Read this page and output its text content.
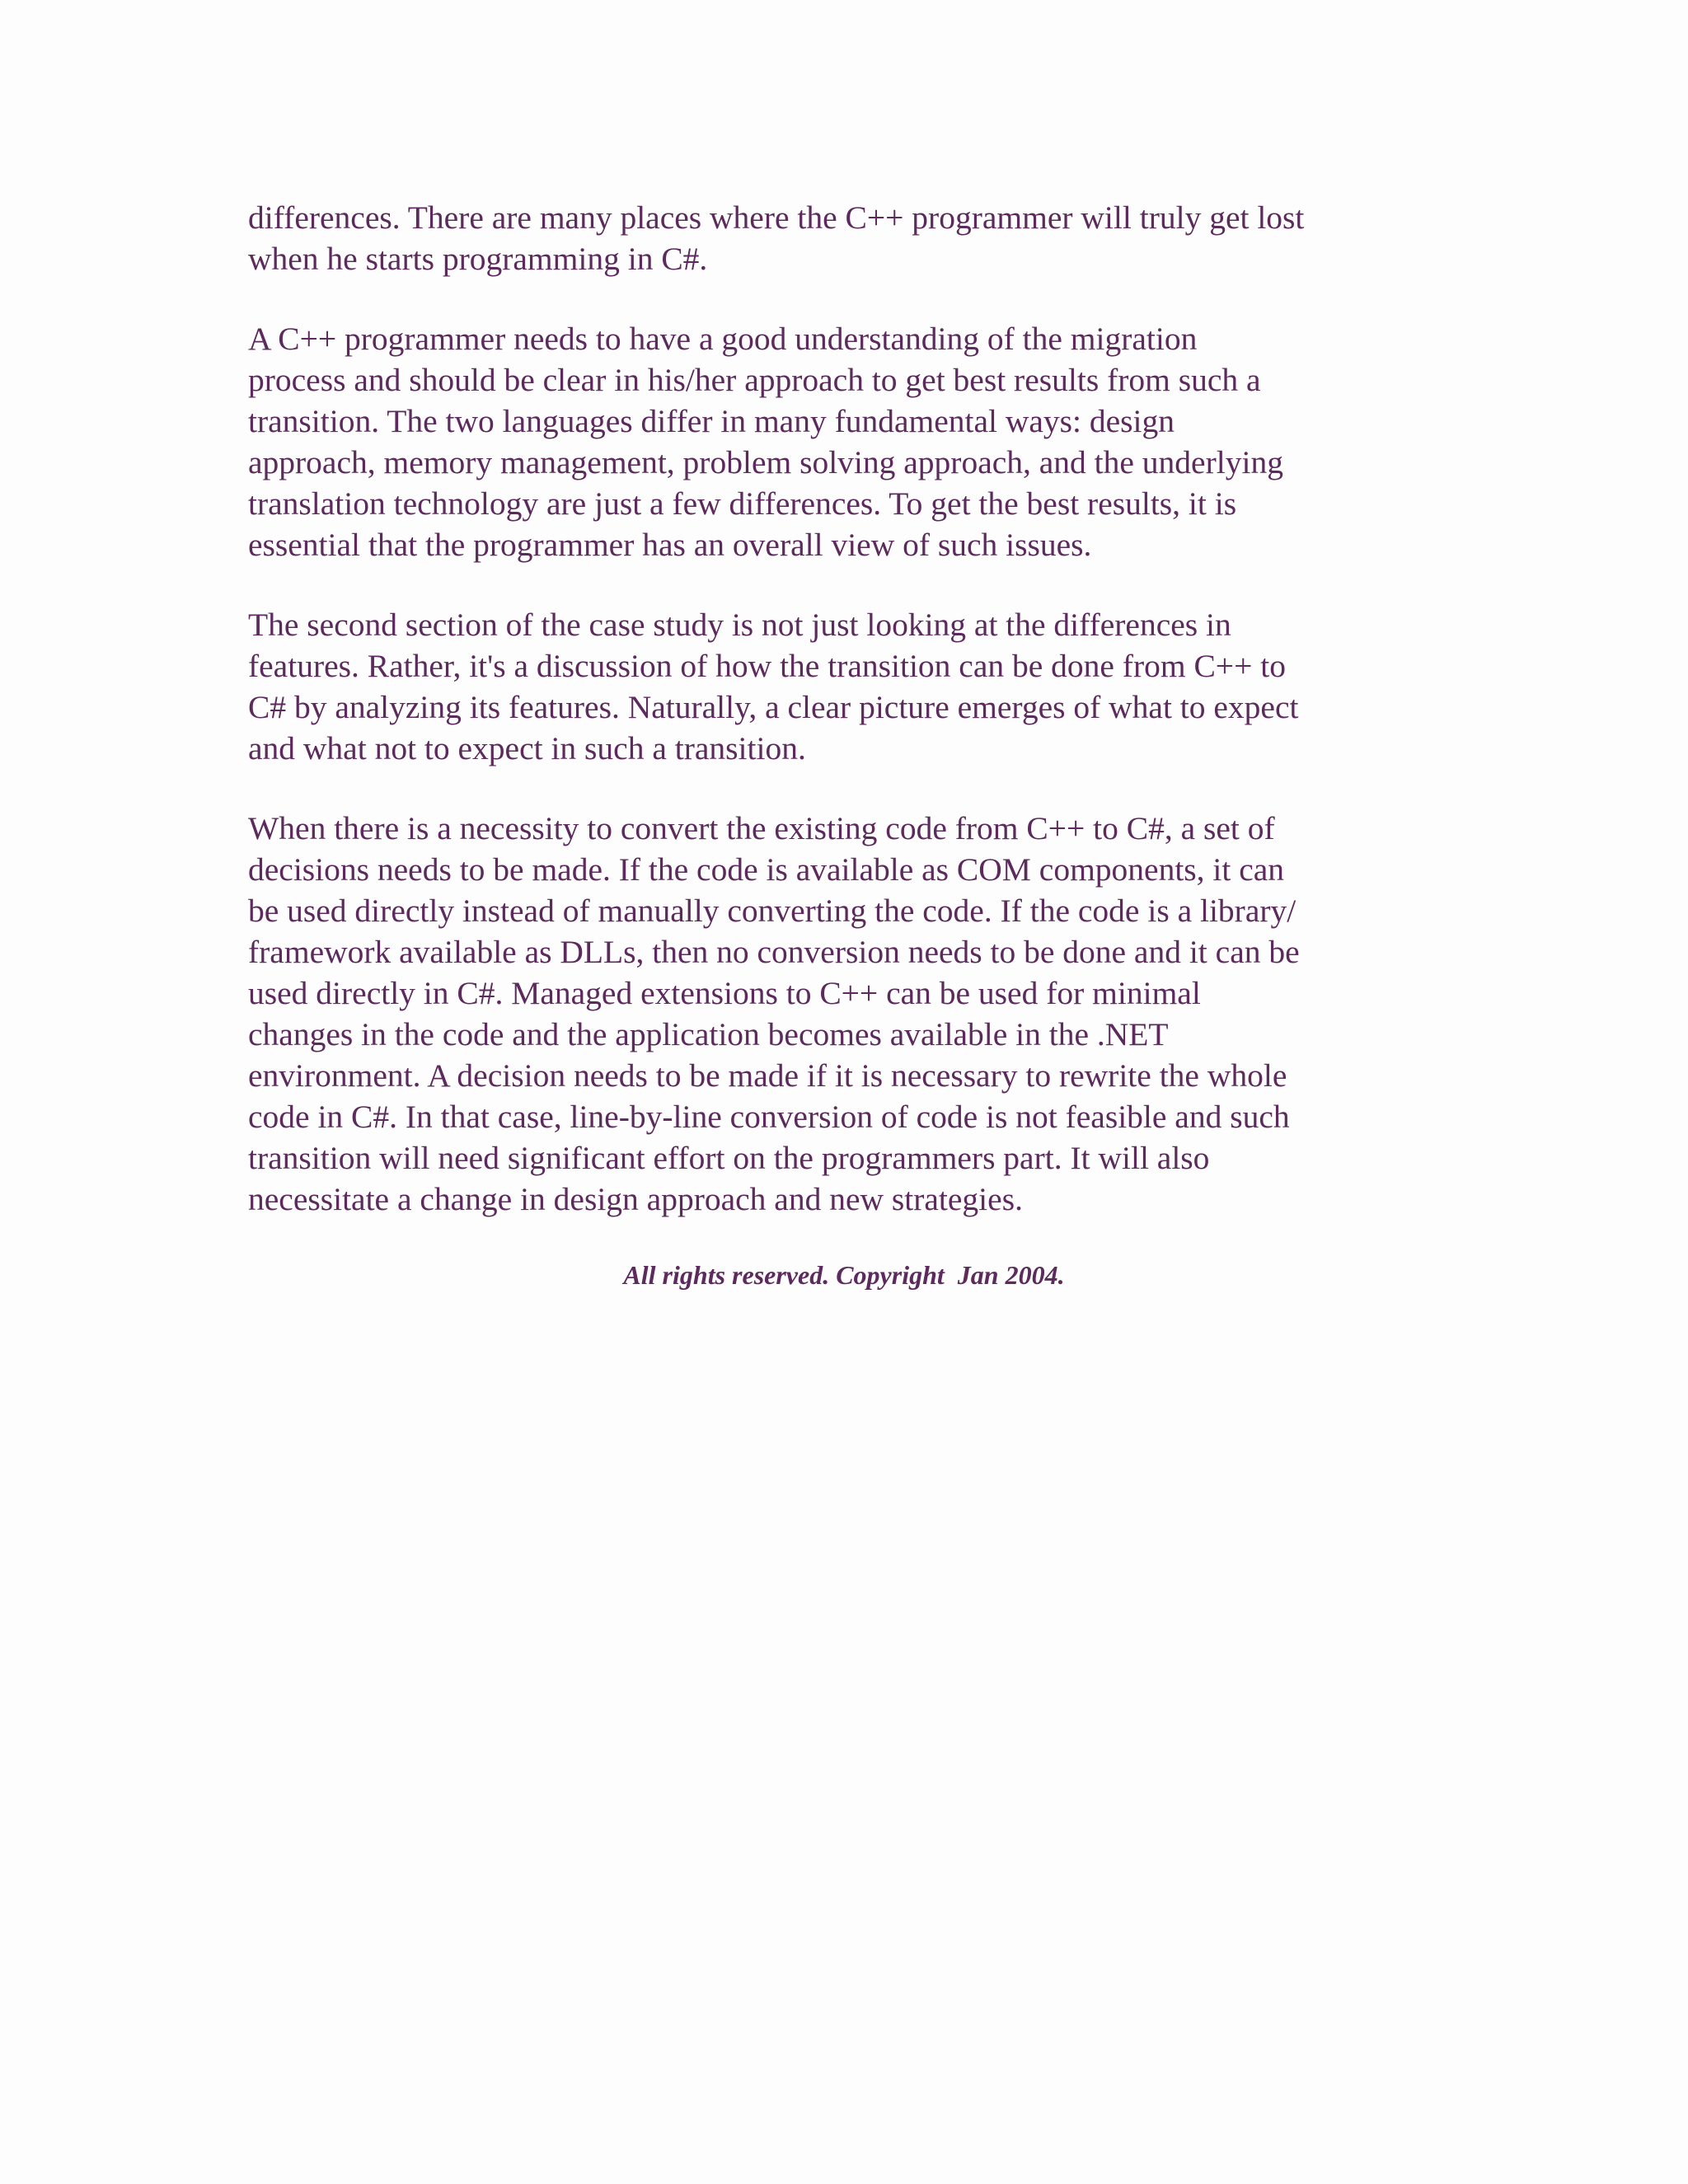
differences. There are many places where the C++ programmer will truly get lost
when he starts programming in C#.

A C++ programmer needs to have a good understanding of the migration
process and should be clear in his/her approach to get best results from such a
transition. The two languages differ in many fundamental ways: design
approach, memory management, problem solving approach, and the underlying
translation technology are just a few differences. To get the best results, it is
essential that the programmer has an overall view of such issues.

The second section of the case study is not just looking at the differences in
features. Rather, it's a discussion of how the transition can be done from C++ to
C# by analyzing its features. Naturally, a clear picture emerges of what to expect
and what not to expect in such a transition.

When there is a necessity to convert the existing code from C++ to C#, a set of
decisions needs to be made. If the code is available as COM components, it can
be used directly instead of manually converting the code. If the code is a library/
framework available as DLLs, then no conversion needs to be done and it can be
used directly in C#. Managed extensions to C++ can be used for minimal
changes in the code and the application becomes available in the .NET
environment. A decision needs to be made if it is necessary to rewrite the whole
code in C#. In that case, line-by-line conversion of code is not feasible and such
transition will need significant effort on the programmers part. It will also
necessitate a change in design approach and new strategies.

All rights reserved. Copyright  Jan 2004.
